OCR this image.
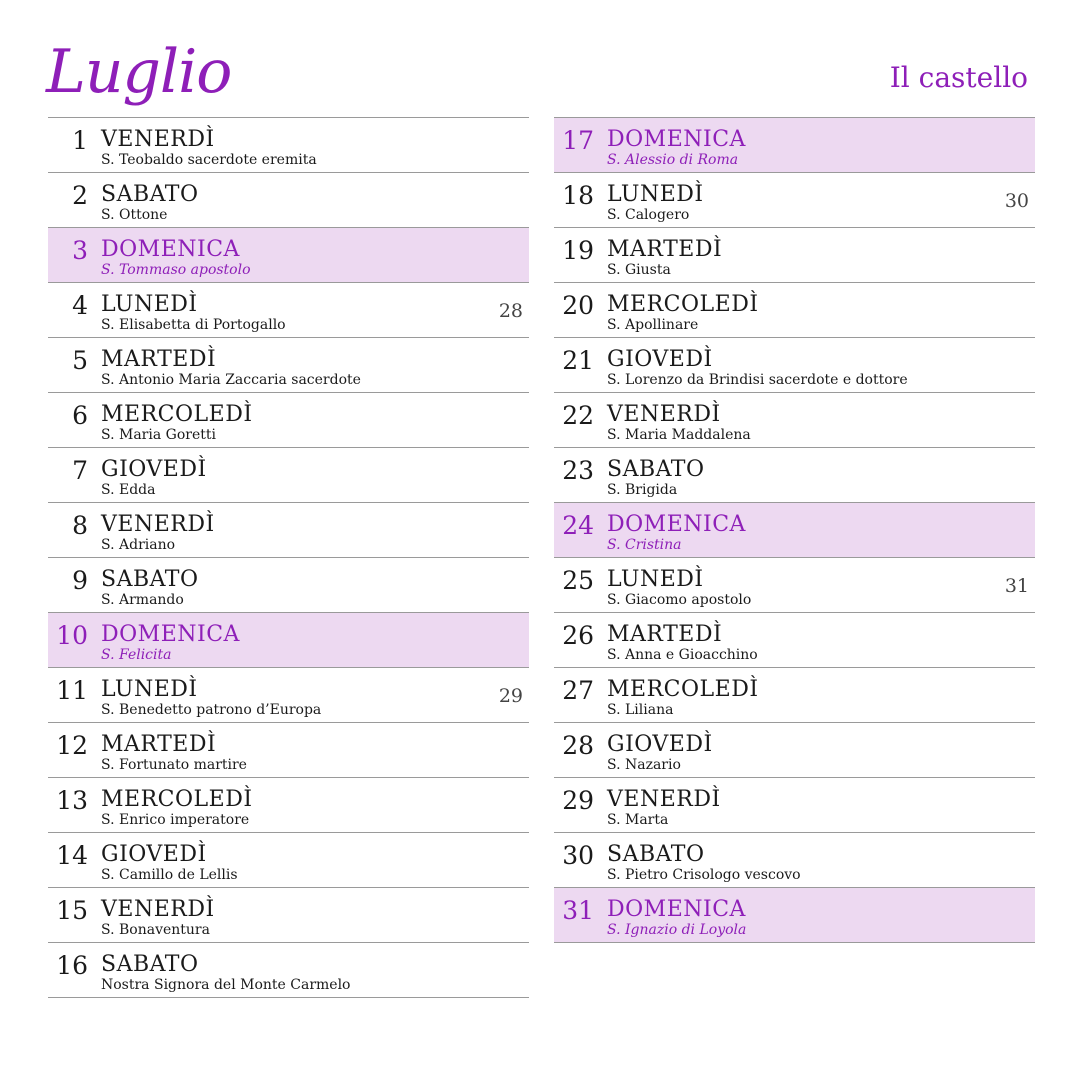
Luglio	Il castello
1 VENERDÌ
S. Teobaldo sacerdote eremita
2 SABATO
S. Ottone
3 DOMENICA
S. Tommaso apostolo
4 LUNEDÌ
S. Elisabetta di Portogallo
28
5 MARTEDÌ
S. Antonio Maria Zaccaria sacerdote
6 MERCOLEDÌ
S. Maria Goretti
7 GIOVEDÌ
S. Edda
8 VENERDÌ
S. Adriano
9 SABATO
S. Armando
10 DOMENICA
S. Felicita
11 LUNEDÌ
S. Benedetto patrono d’Europa
29
12 MARTEDÌ
S. Fortunato martire
13 MERCOLEDÌ
S. Enrico imperatore
14 GIOVEDÌ
S. Camillo de Lellis
15 VENERDÌ
S. Bonaventura
16 SABATO
Nostra Signora del Monte Carmelo
17 DOMENICA
S. Alessio di Roma
18 LUNEDÌ
S. Calogero
30
19 MARTEDÌ
S. Giusta
20 MERCOLEDÌ
S. Apollinare
21 GIOVEDÌ
S. Lorenzo da Brindisi sacerdote e dottore
22 VENERDÌ
S. Maria Maddalena
23 SABATO
S. Brigida
24 DOMENICA
S. Cristina
25 LUNEDÌ
S. Giacomo apostolo
31
26 MARTEDÌ
S. Anna e Gioacchino
27 MERCOLEDÌ
S. Liliana
28 GIOVEDÌ
S. Nazario
29 VENERDÌ
S. Marta
30 SABATO
S. Pietro Crisologo vescovo
31 DOMENICA
S. Ignazio di Loyola
